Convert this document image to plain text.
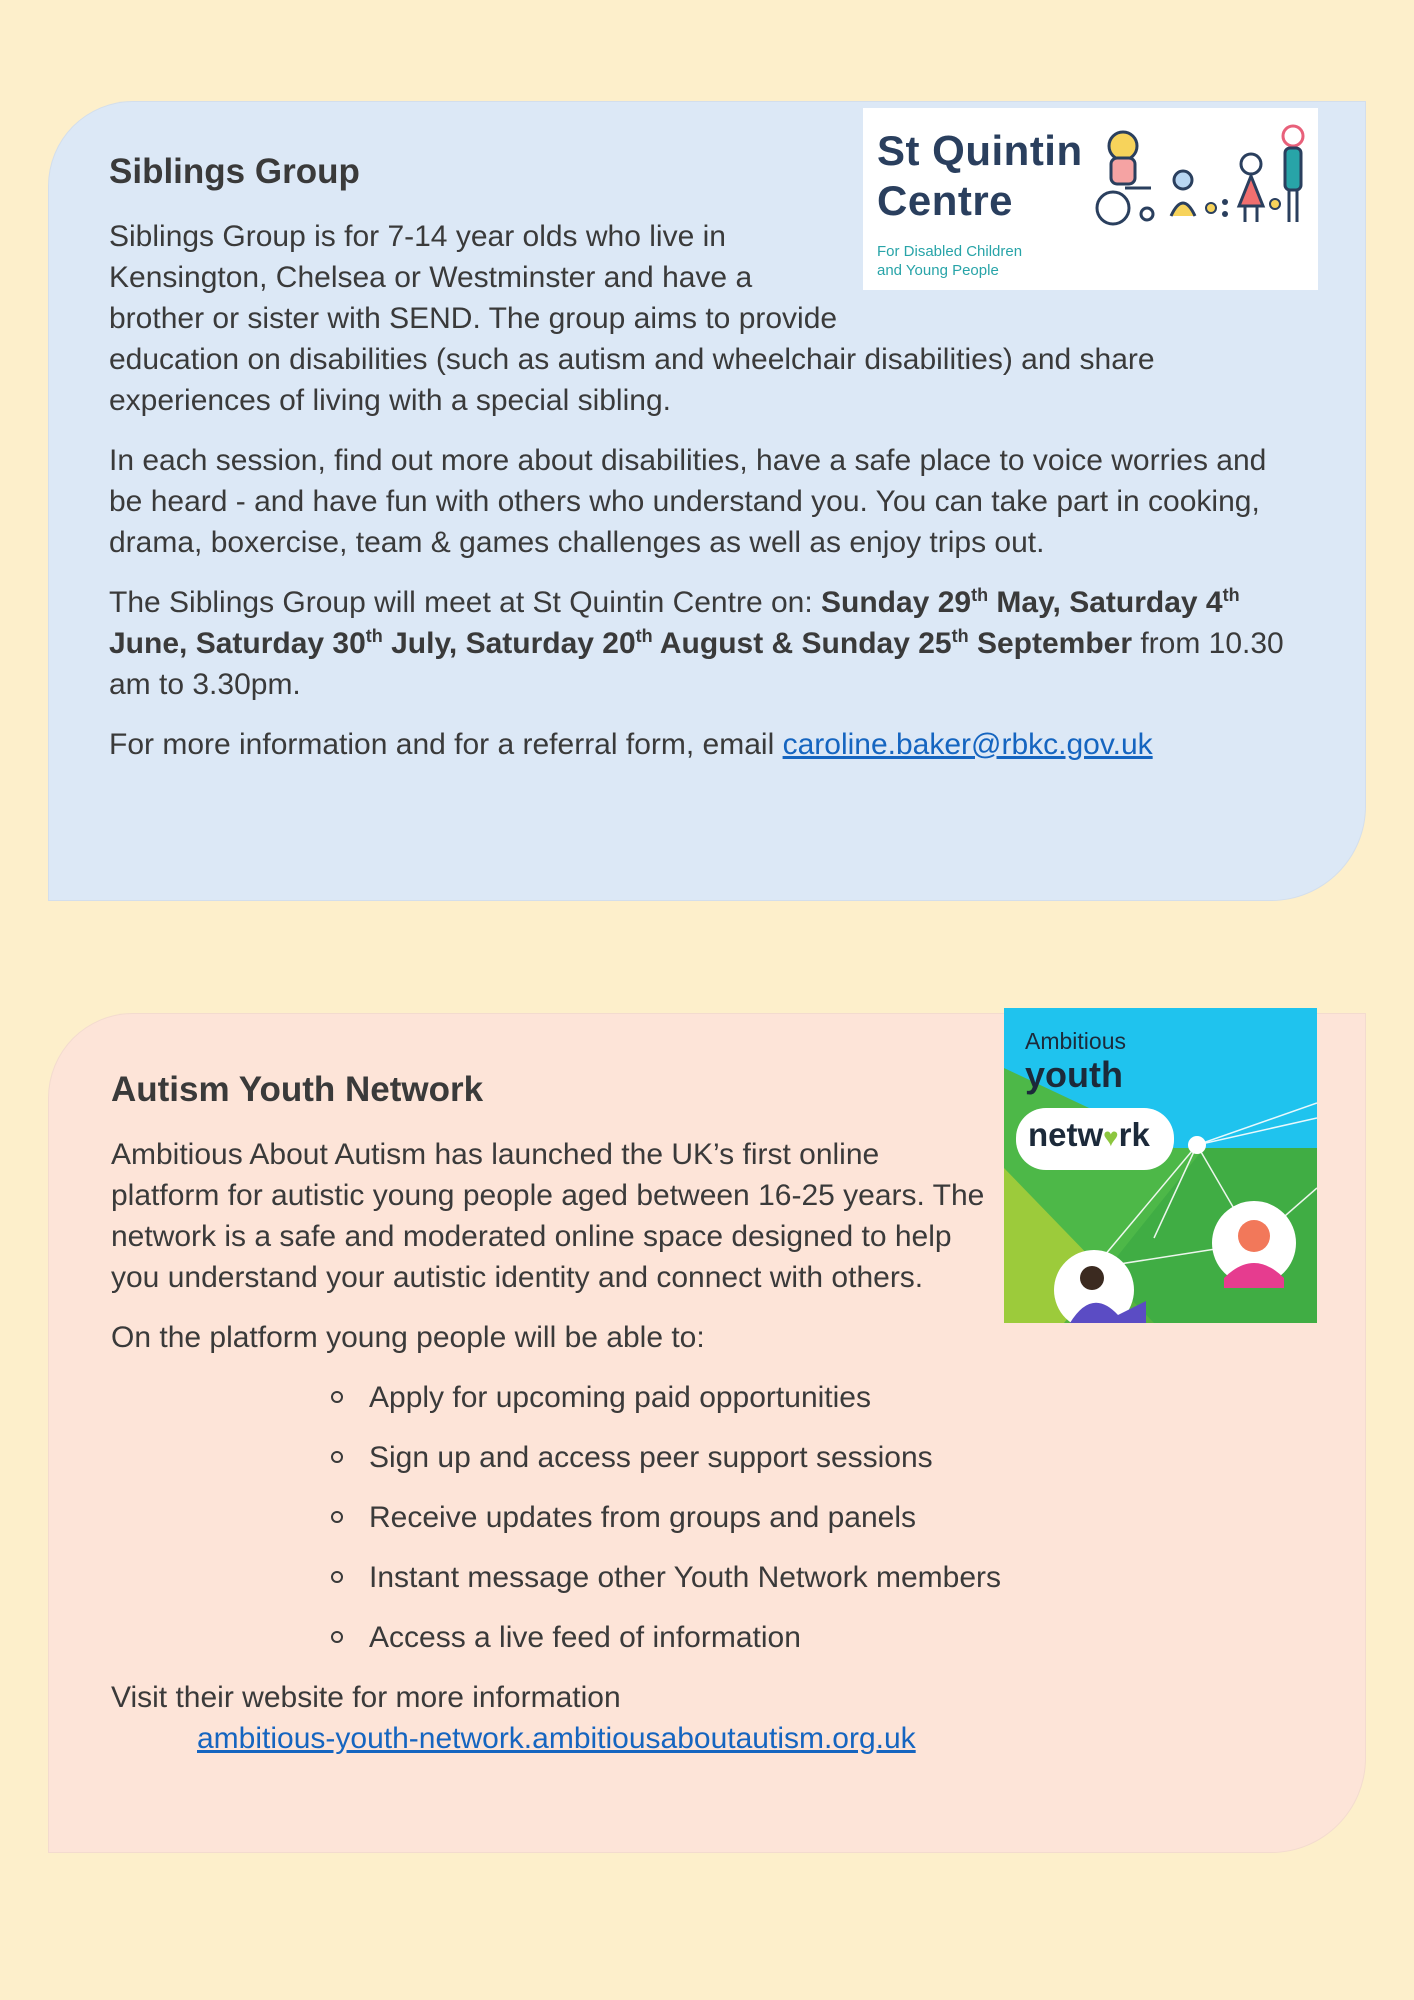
St Quintin
Centre
For Disabled Children
and Young People
Siblings Group

Siblings Group is for 7-14 year olds who live in Kensington, Chelsea or Westminster and have a brother or sister with SEND. The group aims to provide education on disabilities (such as autism and wheelchair disabilities) and share experiences of living with a special sibling.

In each session, find out more about disabilities, have a safe place to voice worries and be heard - and have fun with others who understand you. You can take part in cooking, drama, boxercise, team & games challenges as well as enjoy trips out.

The Siblings Group will meet at St Quintin Centre on: Sunday 29th May, Saturday 4th June, Saturday 30th July, Saturday 20th August & Sunday 25th September from 10.30 am to 3.30pm.

For more information and for a referral form, email caroline.baker@rbkc.gov.uk

Ambitious
youth
netw♥rk
Autism Youth Network

Ambitious About Autism has launched the UK’s first online platform for autistic young people aged between 16-25 years. The network is a safe and moderated online space designed to help you understand your autistic identity and connect with others.

On the platform young people will be able to:

Apply for upcoming paid opportunities
Sign up and access peer support sessions
Receive updates from groups and panels
Instant message other Youth Network members
Access a live feed of information

Visit their website for more information
ambitious-youth-network.ambitiousaboutautism.org.uk
